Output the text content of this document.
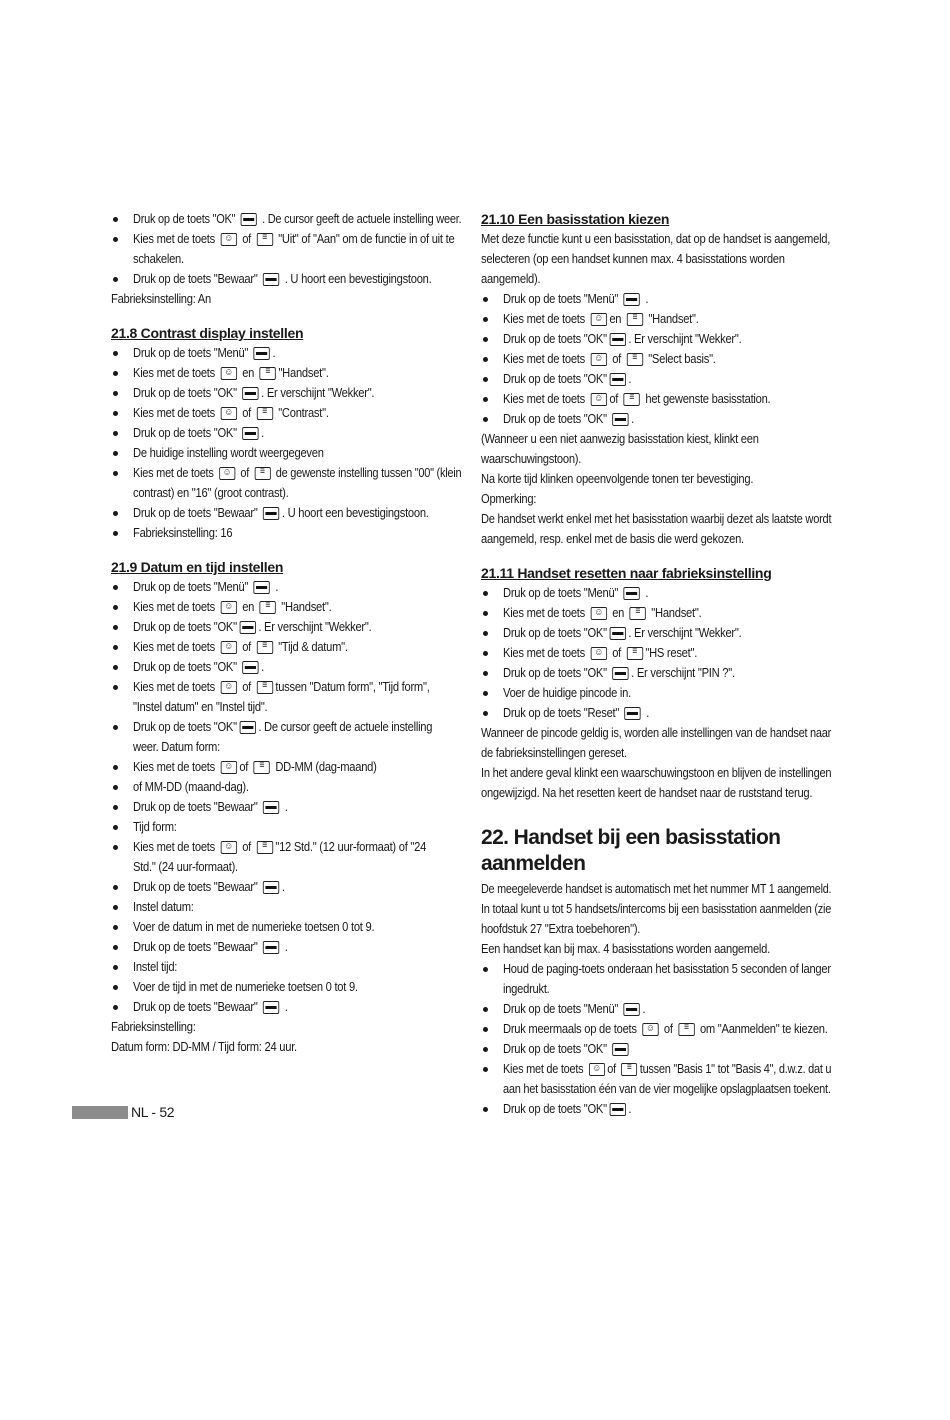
Druk op de toets "OK"  . De cursor geeft de actuele instelling weer.
Kies met de toets ☺ of ≡ "Uit" of "Aan" om de functie in of uit te
schakelen.
Druk op de toets "Bewaar"  . U hoort een bevestigingstoon.
Fabrieksinstelling: An
21.8 Contrast display instellen
Druk op de toets "Menü" .
Kies met de toets ☺ en ≡"Handset".
Druk op de toets "OK" . Er verschijnt "Wekker".
Kies met de toets ☺ of ≡ "Contrast".
Druk op de toets "OK" .
De huidige instelling wordt weergegeven
Kies met de toets ☺ of ≡ de gewenste instelling tussen "00" (klein
contrast) en "16" (groot contrast).
Druk op de toets "Bewaar" . U hoort een bevestigingstoon.
Fabrieksinstelling: 16
21.9 Datum en tijd instellen
Druk op de toets "Menü"  .
Kies met de toets ☺ en ≡ "Handset".
Druk op de toets "OK" . Er verschijnt "Wekker".
Kies met de toets ☺ of ≡ "Tijd & datum".
Druk op de toets "OK" .
Kies met de toets ☺ of ≡tussen "Datum form", "Tijd form",
"Instel datum" en "Instel tijd".
Druk op de toets "OK" . De cursor geeft de actuele instelling
weer. Datum form:
Kies met de toets ☺of ≡ DD-MM (dag-maand)
of MM-DD (maand-dag).
Druk op de toets "Bewaar"  .
Tijd form:
Kies met de toets ☺ of ≡"12 Std." (12 uur-formaat) of "24
Std." (24 uur-formaat).
Druk op de toets "Bewaar" .
Instel datum:
Voer de datum in met de numerieke toetsen 0 tot 9.
Druk op de toets "Bewaar"  .
Instel tijd:
Voer de tijd in met de numerieke toetsen 0 tot 9.
Druk op de toets "Bewaar"  .
Fabrieksinstelling:
Datum form: DD-MM / Tijd form: 24 uur.
21.10 Een basisstation kiezen
Met deze functie kunt u een basisstation, dat op de handset is aangemeld,
selecteren (op een handset kunnen max. 4 basisstations worden
aangemeld).
Druk op de toets "Menü"  .
Kies met de toets ☺en ≡ "Handset".
Druk op de toets "OK" . Er verschijnt "Wekker".
Kies met de toets ☺ of ≡ "Select basis".
Druk op de toets "OK" .
Kies met de toets ☺of ≡ het gewenste basisstation.
Druk op de toets "OK" .
(Wanneer u een niet aanwezig basisstation kiest, klinkt een
waarschuwingstoon).
Na korte tijd klinken opeenvolgende tonen ter bevestiging.
Opmerking:
De handset werkt enkel met het basisstation waarbij dezet als laatste wordt
aangemeld, resp. enkel met de basis die werd gekozen.
21.11 Handset resetten naar fabrieksinstelling
Druk op de toets "Menü"  .
Kies met de toets ☺ en ≡ "Handset".
Druk op de toets "OK" . Er verschijnt "Wekker".
Kies met de toets ☺ of ≡"HS reset".
Druk op de toets "OK" . Er verschijnt "PIN ?".
Voer de huidige pincode in.
Druk op de toets "Reset"  .
Wanneer de pincode geldig is, worden alle instellingen van de handset naar
de fabrieksinstellingen gereset.
In het andere geval klinkt een waarschuwingstoon en blijven de instellingen
ongewijzigd. Na het resetten keert de handset naar de ruststand terug.
22. Handset bij een basisstation aanmelden
De meegeleverde handset is automatisch met het nummer MT 1 aangemeld.
In totaal kunt u tot 5 handsets/intercoms bij een basisstation aanmelden (zie
hoofdstuk 27 "Extra toebehoren").
Een handset kan bij max. 4 basisstations worden aangemeld.
Houd de paging-toets onderaan het basisstation 5 seconden of langer
ingedrukt.
Druk op de toets "Menü" .
Druk meermaals op de toets ☺ of ≡ om "Aanmelden" te kiezen.
Druk op de toets "OK"
Kies met de toets ☺of ≡tussen "Basis 1" tot "Basis 4", d.w.z. dat u
aan het basisstation één van de vier mogelijke opslagplaatsen toekent.
Druk op de toets "OK" .
NL - 52
